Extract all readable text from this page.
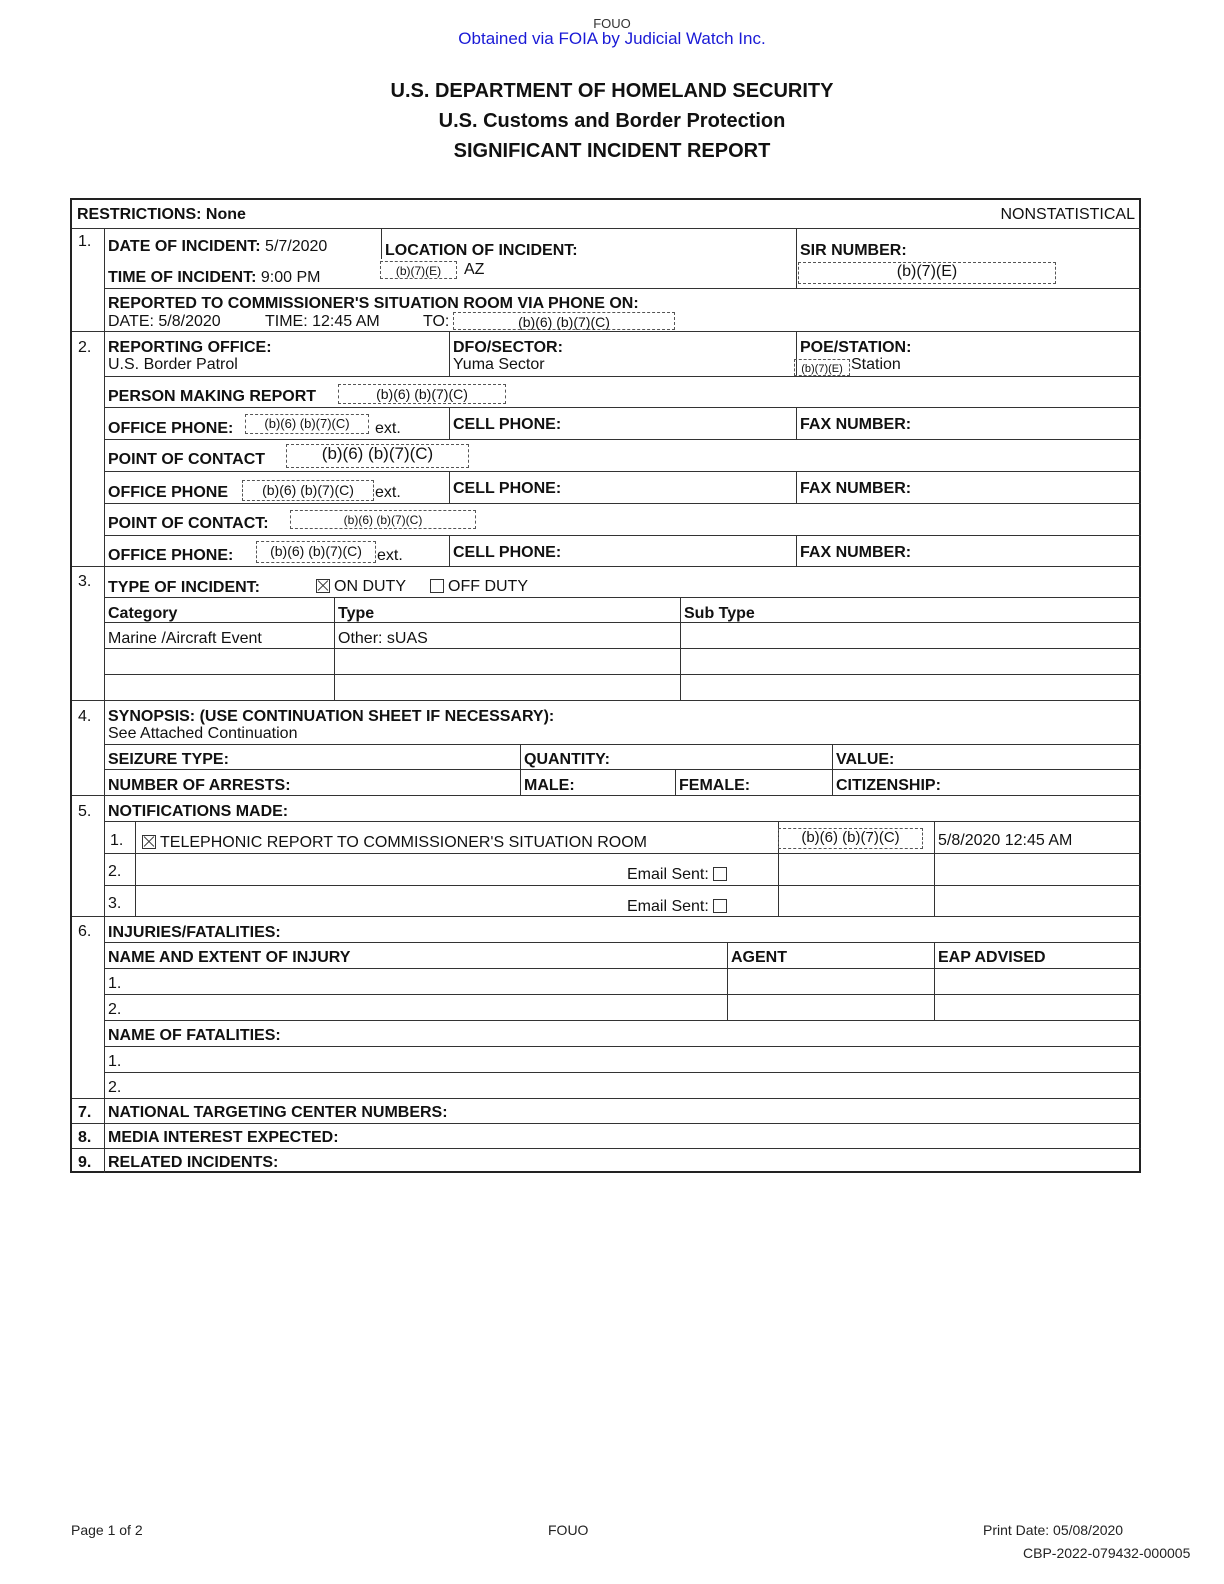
FOUO
Obtained via FOIA by Judicial Watch Inc.
U.S. DEPARTMENT OF HOMELAND SECURITY
U.S. Customs and Border Protection
SIGNIFICANT INCIDENT REPORT
RESTRICTIONS: None	NONSTATISTICAL
1. DATE OF INCIDENT: 5/7/2020
TIME OF INCIDENT: 9:00 PM
LOCATION OF INCIDENT:
(b)(7)(E)	AZ
SIR NUMBER:
(b)(7)(E)
REPORTED TO COMMISSIONER'S SITUATION ROOM VIA PHONE ON:
DATE: 5/8/2020	TIME: 12:45 AM	TO:	(b)(6) (b)(7)(C)
2. REPORTING OFFICE:
U.S. Border Patrol
DFO/SECTOR:
Yuma Sector
POE/STATION:
(b)(7)(E) Station
PERSON MAKING REPORT	(b)(6) (b)(7)(C)
OFFICE PHONE:	(b)(6) (b)(7)(C)	ext.	CELL PHONE:	FAX NUMBER:
POINT OF CONTACT	(b)(6) (b)(7)(C)
OFFICE PHONE	(b)(6) (b)(7)(C)	ext.	CELL PHONE:	FAX NUMBER:
POINT OF CONTACT:	(b)(6) (b)(7)(C)
OFFICE PHONE:	(b)(6) (b)(7)(C) ext.	CELL PHONE:	FAX NUMBER:
3. TYPE OF INCIDENT:	ON DUTY	OFF DUTY
Category	Type	Sub Type
Marine /Aircraft Event	Other: sUAS
4. SYNOPSIS: (USE CONTINUATION SHEET IF NECESSARY):
See Attached Continuation
SEIZURE TYPE:	QUANTITY:	VALUE:
NUMBER OF ARRESTS:	MALE:	FEMALE:	CITIZENSHIP:
5. NOTIFICATIONS MADE:
1.	TELEPHONIC REPORT TO COMMISSIONER'S SITUATION ROOM	(b)(6) (b)(7)(C)	5/8/2020 12:45 AM
2.	Email Sent:
3.	Email Sent:
6. INJURIES/FATALITIES:
NAME AND EXTENT OF INJURY	AGENT	EAP ADVISED
1.
2.
NAME OF FATALITIES:
1.
2.
7. NATIONAL TARGETING CENTER NUMBERS:
8. MEDIA INTEREST EXPECTED:
9. RELATED INCIDENTS:
Page 1 of 2	FOUO	Print Date: 05/08/2020
CBP-2022-079432-000005
